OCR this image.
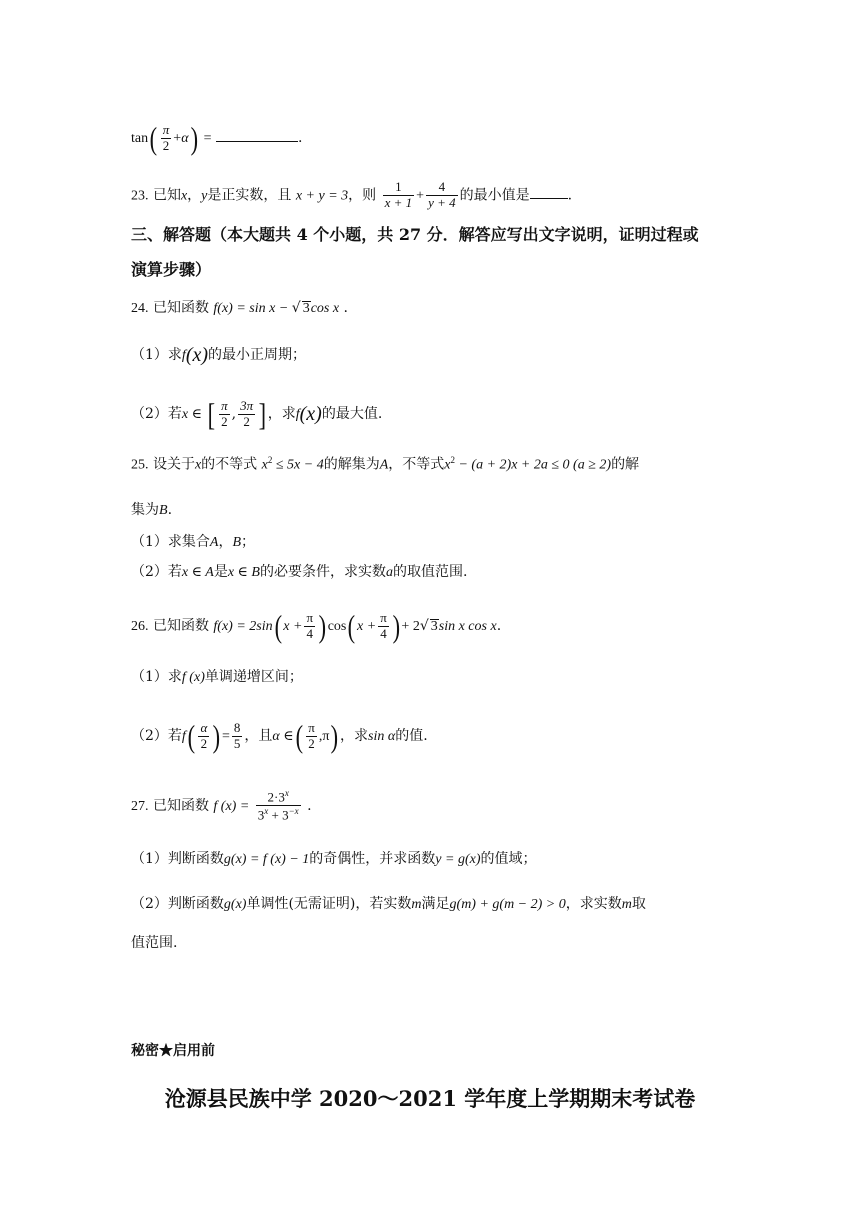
$\tan( \frac{\pi}{2} +\alpha)$ =	.
23. 已知x，y是正实数，且 x + y = 3，则 $\frac{1}{x + 1} + \frac{4}{y + 4}$ 的最小值是	.
三、解答题（本大题共 4 个小题，共 27 分．解答应写出文字说明，证明过程或
演算步骤）
24. 已知函数 f(x) = sin x − √ 3cos x .
（1）求f(x)的最小正周期；
（2）若x ∈ [ $\frac{\pi}{2}$ , $\frac{3\pi}{2}$ ] ，求f(x)的最大值.
25. 设关于x的不等式 $x^2 \le 5x - 4$的解集为A，不等式$x^2 - (a + 2)x + 2a \le 0$ (a ≥ 2)的解
集为B.
（1）求集合A，B；
（2）若x ∈ A是x ∈ B的必要条件，求实数a的取值范围.
26. 已知函数 f(x) = 2sin( $x + \frac{\pi}{4}$ ) cos( $x + \frac{\pi}{4}$ ) + 2√ 3sin x cos x.
（1）求f (x)单调递增区间；
（2）若$f( \frac{\alpha}{2}$ ) = $\frac{8}{5}$ ，且α ∈( $\frac{\pi}{2} ,\pi$) ，求sin α的值.
27. 已知函数 f $(x) = \frac{2\cdot 3^x}{3^x + 3^{-x}}$ .
（1）判断函数g(x) = f (x) − 1的奇偶性，并求函数y = g(x)的值域；
（2）判断函数g(x)单调性(无需证明)，若实数m满足g(m) + g(m − 2) > 0，求实数m取
值范围.
秘密★启用前
沧源县民族中学 2020～2021 学年度上学期期末考试卷
